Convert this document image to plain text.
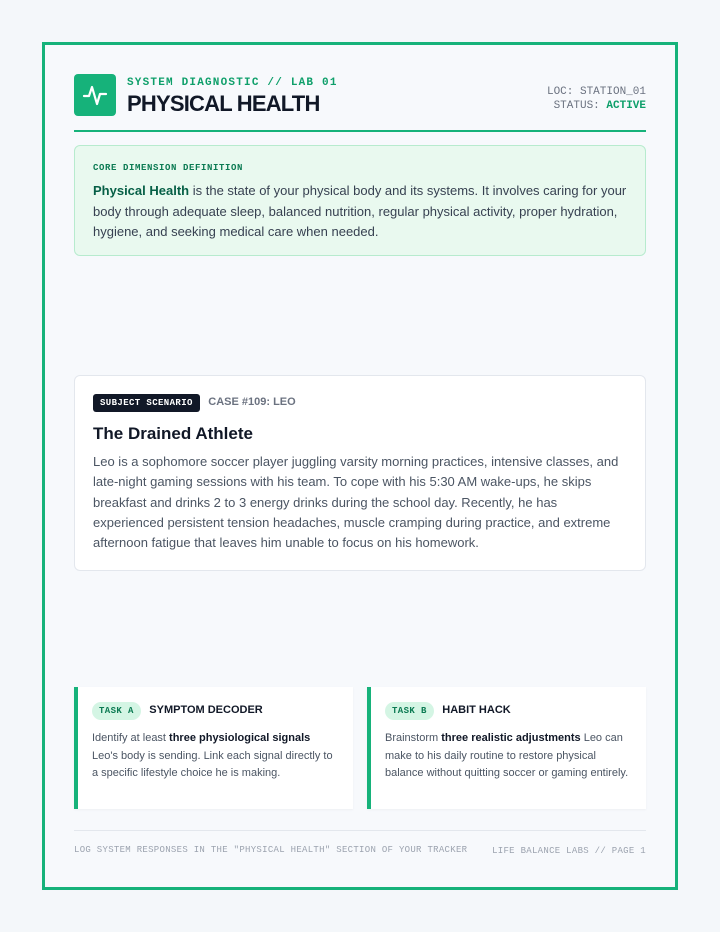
SYSTEM DIAGNOSTIC // LAB 01
PHYSICAL HEALTH	LOC: STATION_01
STATUS: ACTIVE
CORE DIMENSION DEFINITION
Physical Health is the state of your physical body and its systems. It involves caring for your body through adequate sleep, balanced nutrition, regular physical activity, proper hydration, hygiene, and seeking medical care when needed.
SUBJECT SCENARIO CASE #109: LEO
The Drained Athlete
Leo is a sophomore soccer player juggling varsity morning practices, intensive classes, and late-night gaming sessions with his team. To cope with his 5:30 AM wake-ups, he skips breakfast and drinks 2 to 3 energy drinks during the school day. Recently, he has experienced persistent tension headaches, muscle cramping during practice, and extreme afternoon fatigue that leaves him unable to focus on his homework.
TASK A SYMPTOM DECODER
Identify at least three physiological signals Leo's body is sending. Link each signal directly to a specific lifestyle choice he is making.
TASK B HABIT HACK
Brainstorm three realistic adjustments Leo can make to his daily routine to restore physical balance without quitting soccer or gaming entirely.
LOG SYSTEM RESPONSES IN THE "PHYSICAL HEALTH" SECTION OF YOUR TRACKER	LIFE BALANCE LABS // PAGE 1
